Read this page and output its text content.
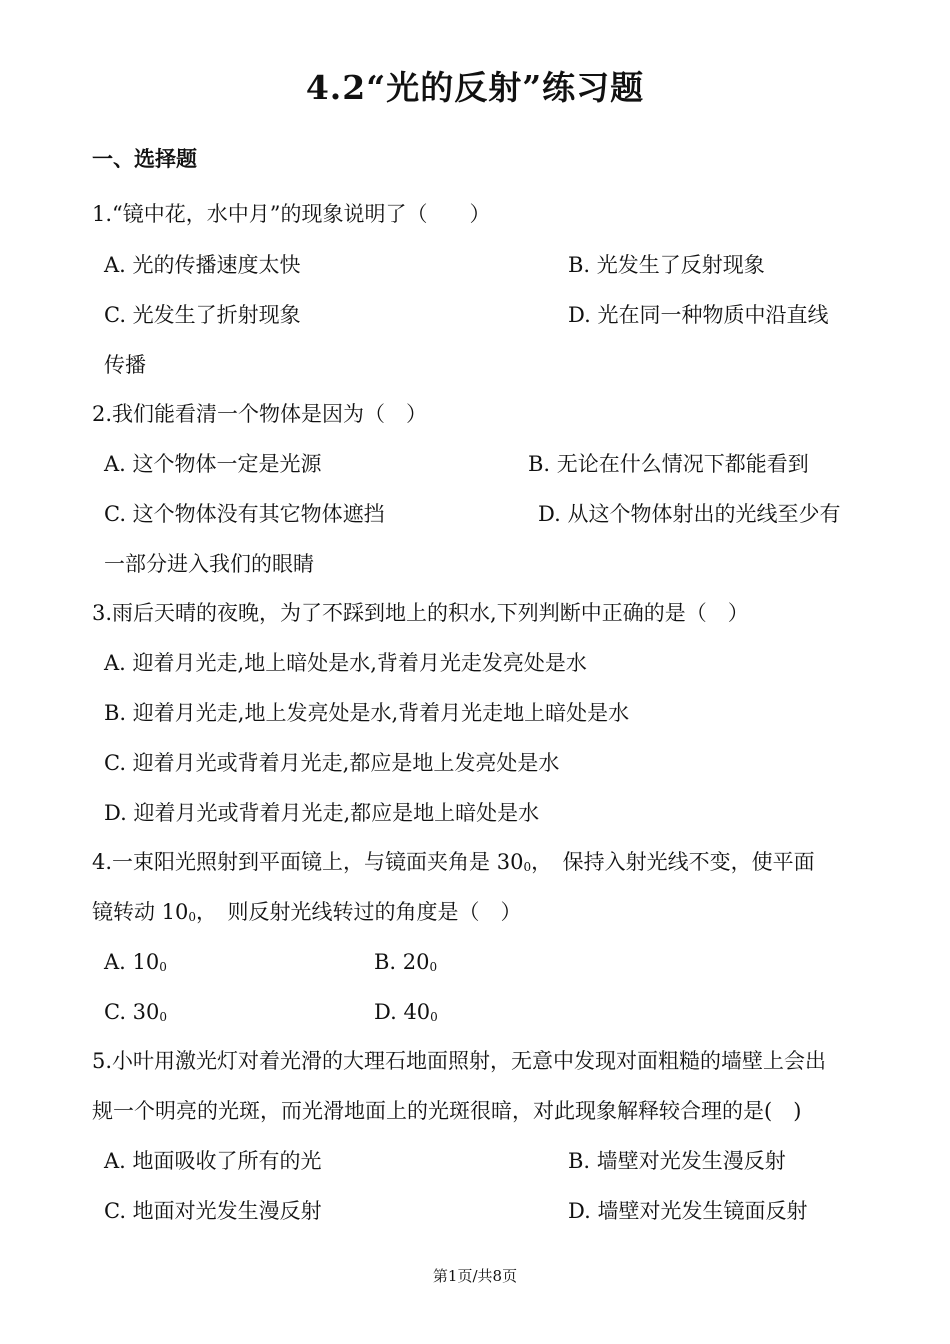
4.2“光的反射”练习题
一、选择题
1.“镜中花，水中月”的现象说明了（　　）
A. 光的传播速度太快	B. 光发生了反射现象
C. 光发生了折射现象	D. 光在同一种物质中沿直线
传播
2.我们能看清一个物体是因为（　）
A. 这个物体一定是光源	B. 无论在什么情况下都能看到
C. 这个物体没有其它物体遮挡	D. 从这个物体射出的光线至少有
一部分进入我们的眼睛
3.雨后天晴的夜晚，为了不踩到地上的积水,下列判断中正确的是（　）
A. 迎着月光走,地上暗处是水,背着月光走发亮处是水
B. 迎着月光走,地上发亮处是水,背着月光走地上暗处是水
C. 迎着月光或背着月光走,都应是地上发亮处是水
D. 迎着月光或背着月光走,都应是地上暗处是水
4.一束阳光照射到平面镜上，与镜面夹角是 300，　保持入射光线不变，使平面
镜转动 100，　则反射光线转过的角度是（　）
A. 100	B. 200
C. 300	D. 400
5.小叶用激光灯对着光滑的大理石地面照射，无意中发现对面粗糙的墙壁上会出
规一个明亮的光斑，而光滑地面上的光斑很暗，对此现象解释较合理的是(　)
A. 地面吸收了所有的光	B. 墙壁对光发生漫反射
C. 地面对光发生漫反射	D. 墙壁对光发生镜面反射
第1页/共8页
